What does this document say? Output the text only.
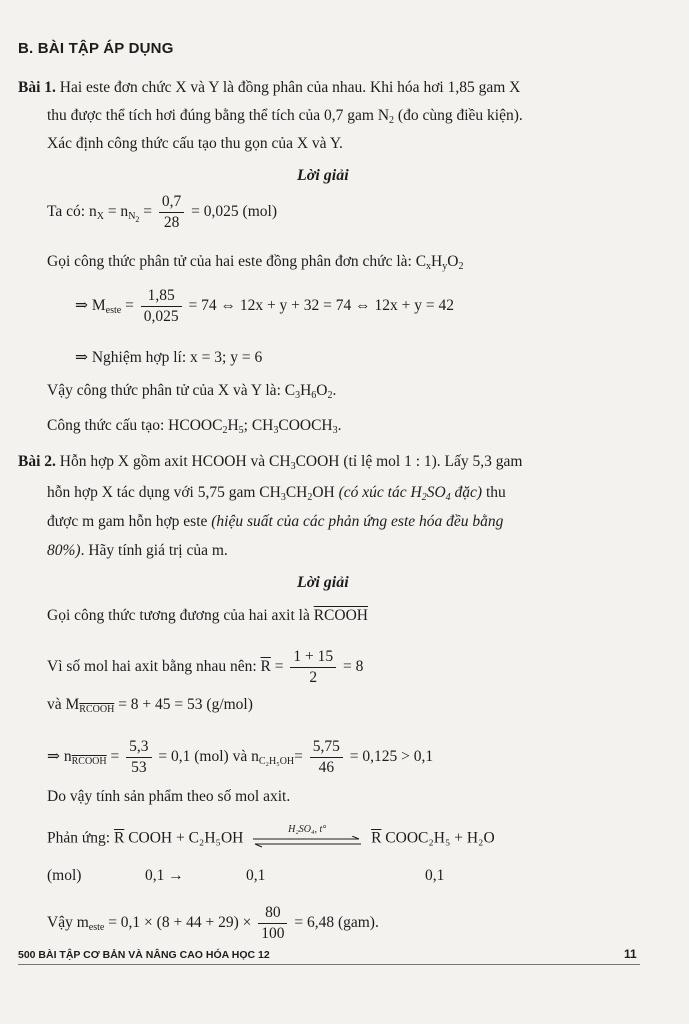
B. BÀI TẬP ÁP DỤNG
Bài 1. Hai este đơn chức X và Y là đồng phân của nhau. Khi hóa hơi 1,85 gam X
thu được thể tích hơi đúng bằng thể tích của 0,7 gam $N_2$ (đo cùng điều kiện).
Xác định công thức cấu tạo thu gọn của X và Y.
Lời giải
Ta có: $n_X = n_{N_2} = \frac{0,7}{28} = 0,025$ (mol)
Gọi công thức phân tử của hai este đồng phân đơn chức là: $C_xH_yO_2$
⇒ $M_{este} = \frac{1,85}{0,025} = 74$ ⇔ 12x + y + 32 = 74 ⇔ 12x + y = 42
⇒ Nghiệm hợp lí: x = 3; y = 6
Vậy công thức phân tử của X và Y là: $C_3H_6O_2$.
Công thức cấu tạo: $HCOOC_2H_5$; $CH_3COOCH_3$.
Bài 2. Hỗn hợp X gồm axit HCOOH và $CH_3COOH$ (tỉ lệ mol 1 : 1). Lấy 5,3 gam
hỗn hợp X tác dụng với 5,75 gam $CH_3CH_2OH$ (có xúc tác $H_2SO_4$ đặc) thu
được m gam hỗn hợp este (hiệu suất của các phản ứng este hóa đều bằng
80%). Hãy tính giá trị của m.
Lời giải
Gọi công thức tương đương của hai axit là RCOOH
Vì số mol hai axit bằng nhau nên: $\overline{R} = \frac{1 + 15}{2} = 8$
và $M_{RCOOH} = 8 + 45 = 53$ (g/mol)
⇒ $n_{RCOOH} = \frac{5,3}{53} = 0,1$ (mol) và $n_{C_2H_5OH}= \frac{5,75}{46} = 0,125 > 0,1$
Do vậy tính sản phẩm theo số mol axit.
Phản ứng: $\overline{R}$ COOH + C₂H₅OH
H₂SO₄, t°
$\overline{R}$ COOC₂H₅ + H₂O
(mol)	0,1 →	0,1	0,1
Vậy $m_{este} = 0,1 \times (8 + 44 + 29) \times \frac{80}{100} = 6,48$ (gam).
500 BÀI TẬP CƠ BẢN VÀ NÂNG CAO HÓA HỌC 12	11
